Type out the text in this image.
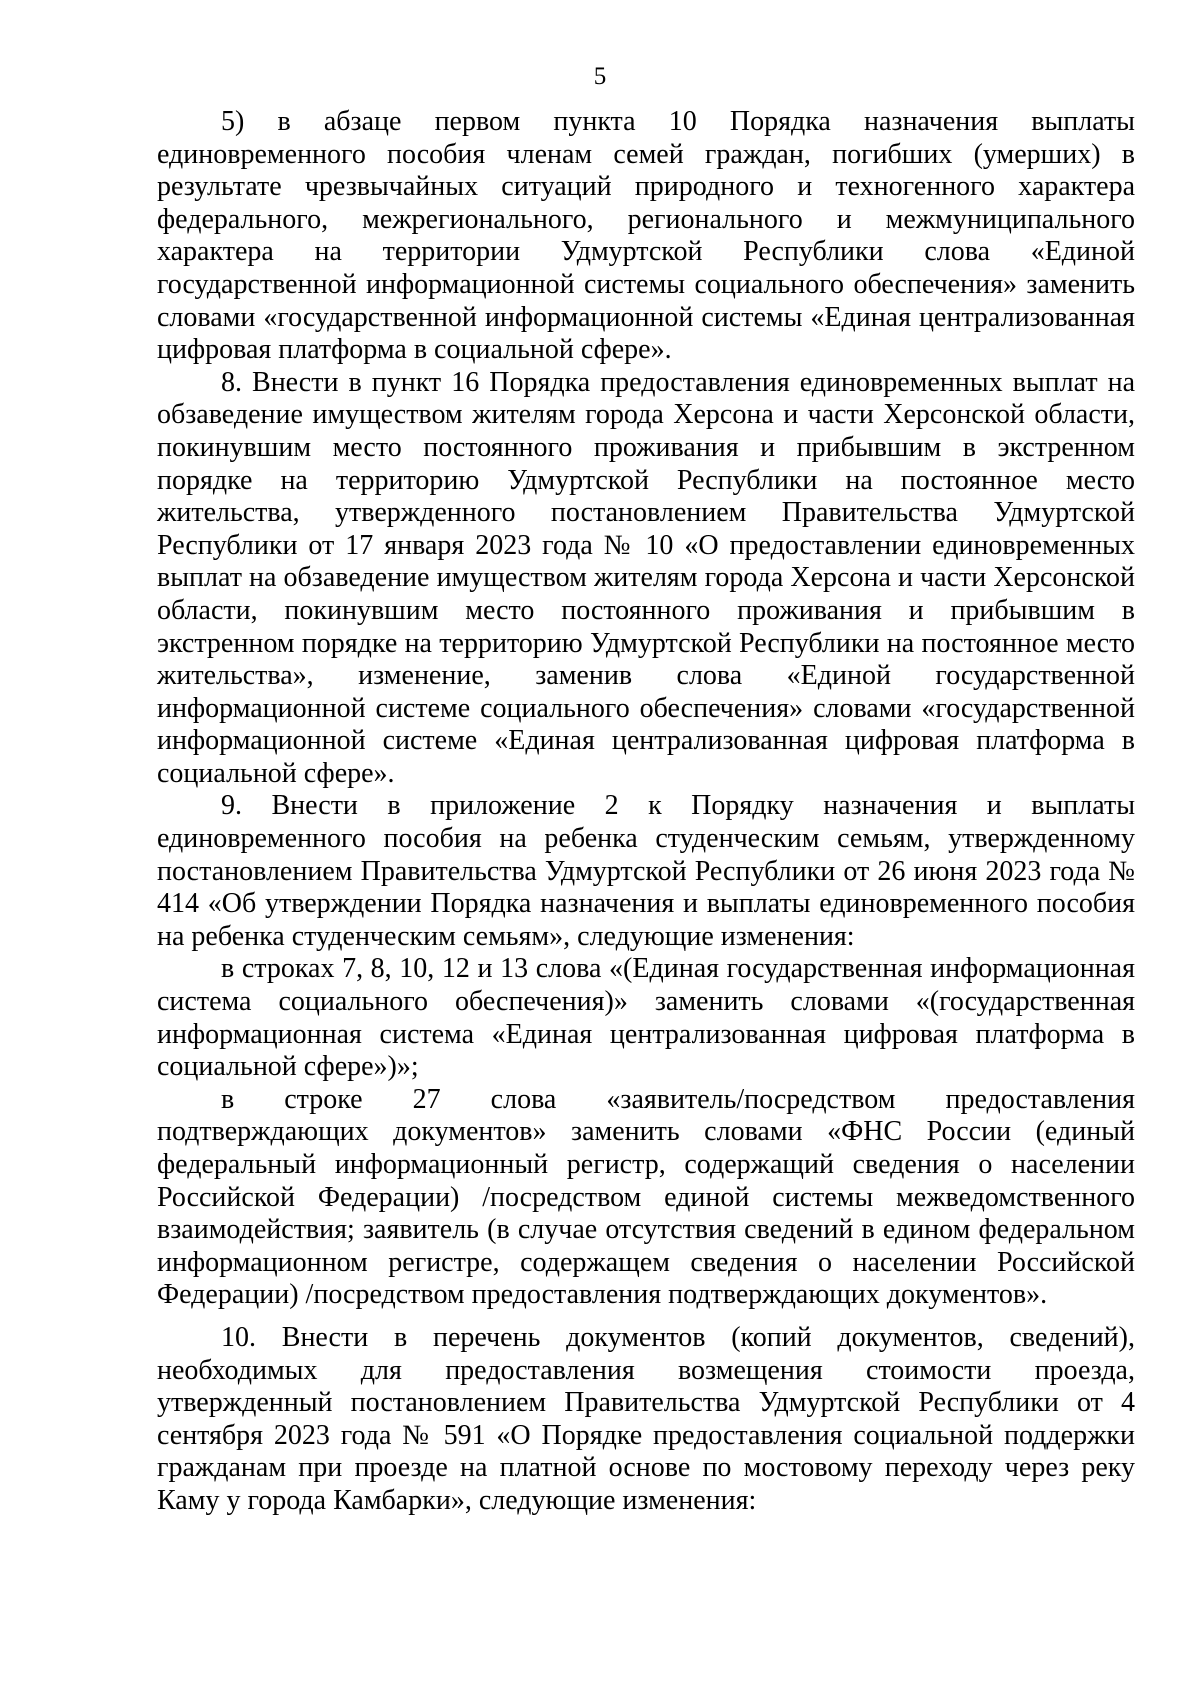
5

5) в абзаце первом пункта 10 Порядка назначения выплаты единовременного пособия членам семей граждан, погибших (умерших) в результате чрезвычайных ситуаций природного и техногенного характера федерального, межрегионального, регионального и межмуниципального характера на территории Удмуртской Республики слова «Единой государственной информационной системы социального обеспечения» заменить словами «государственной информационной системы «Единая централизованная цифровая платформа в социальной сфере».

8. Внести в пункт 16 Порядка предоставления единовременных выплат на обзаведение имуществом жителям города Херсона и части Херсонской области, покинувшим место постоянного проживания и прибывшим в экстренном порядке на территорию Удмуртской Республики на постоянное место жительства, утвержденного постановлением Правительства Удмуртской Республики от 17 января 2023 года № 10 «О предоставлении единовременных выплат на обзаведение имуществом жителям города Херсона и части Херсонской области, покинувшим место постоянного проживания и прибывшим в экстренном порядке на территорию Удмуртской Республики на постоянное место жительства», изменение, заменив слова «Единой государственной информационной системе социального обеспечения» словами «государственной информационной системе «Единая централизованная цифровая платформа в социальной сфере».

9. Внести в приложение 2 к Порядку назначения и выплаты единовременного пособия на ребенка студенческим семьям, утвержденному постановлением Правительства Удмуртской Республики от 26 июня 2023 года № 414 «Об утверждении Порядка назначения и выплаты единовременного пособия на ребенка студенческим семьям», следующие изменения:

в строках 7, 8, 10, 12 и 13 слова «(Единая государственная информационная система социального обеспечения)» заменить словами «(государственная информационная система «Единая централизованная цифровая платформа в социальной сфере»)»;

в строке 27 слова «заявитель/посредством предоставления подтверждающих документов» заменить словами «ФНС России (единый федеральный информационный регистр, содержащий сведения о населении Российской Федерации) /посредством единой системы межведомственного взаимодействия; заявитель (в случае отсутствия сведений в едином федеральном информационном регистре, содержащем сведения о населении Российской Федерации) /посредством предоставления подтверждающих документов».

10. Внести в перечень документов (копий документов, сведений), необходимых для предоставления возмещения стоимости проезда, утвержденный постановлением Правительства Удмуртской Республики от 4 сентября 2023 года № 591 «О Порядке предоставления социальной поддержки гражданам при проезде на платной основе по мостовому переходу через реку Каму у города Камбарки», следующие изменения:
